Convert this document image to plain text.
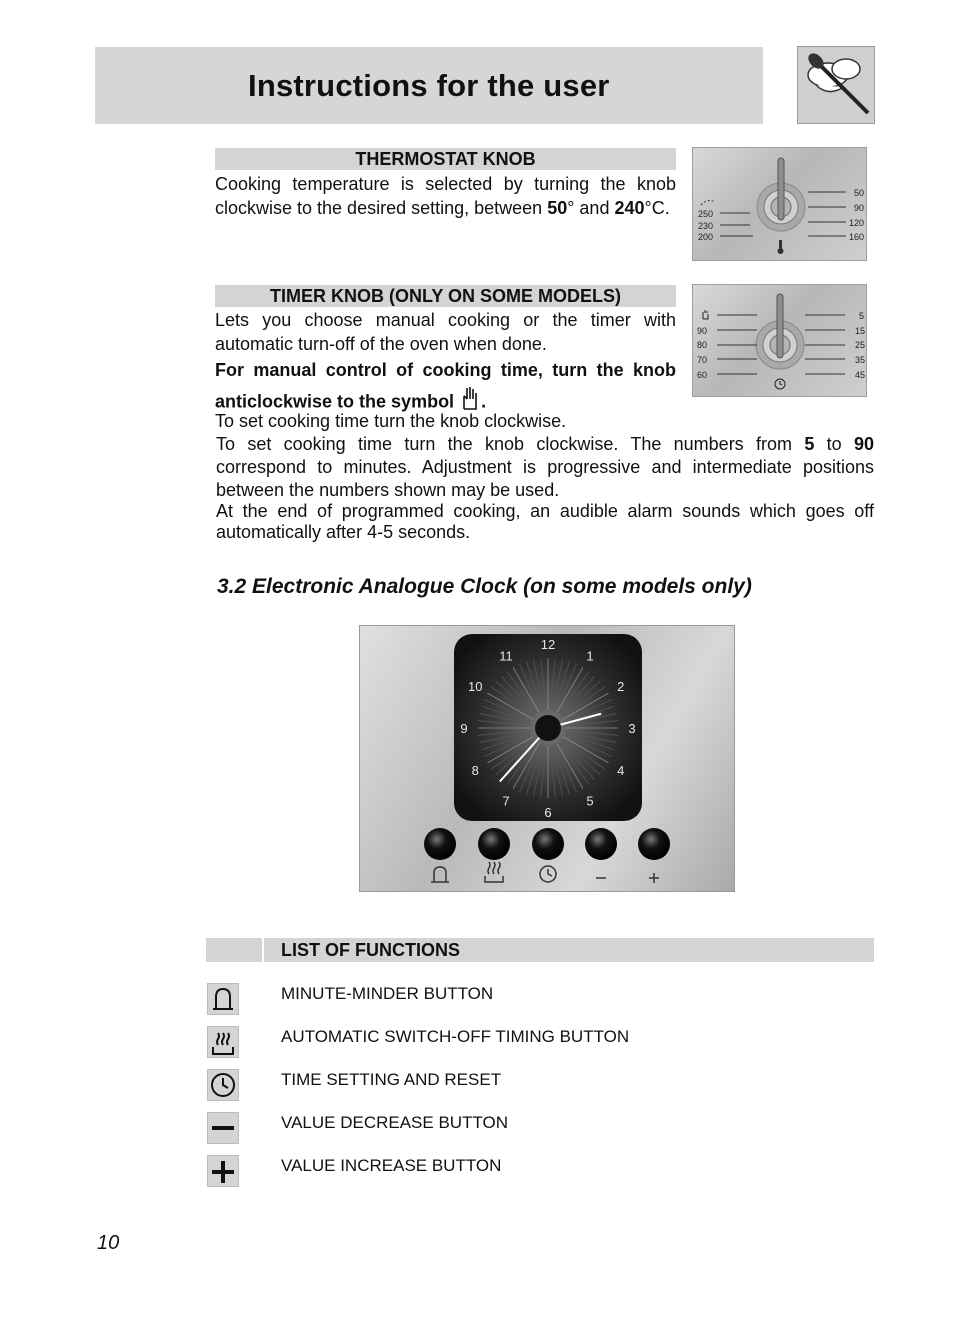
Instructions for the user
THERMOSTAT KNOB
Cooking temperature is selected by turning the knob clockwise to the desired setting, between 50° and 240°C.	250
230
200
50
90
120
160
TIMER KNOB (ONLY ON SOME MODELS)
Lets you choose manual cooking or the timer with automatic turn-off of the oven when done.
For manual control of cooking time, turn the knob anticlockwise to the symbol .
To set cooking time turn the knob clockwise.
90
80
70
60
5
15
25
35
45
To set cooking time turn the knob clockwise. The numbers from 5 to 90 correspond to minutes. Adjustment is progressive and intermediate positions between the numbers shown may be used.
At the end of programmed cooking, an audible alarm sounds which goes off automatically after 4-5 seconds.
3.2 Electronic Analogue Clock (on some models only)
12
1
2
3
4
5
6
7
8
9
10
11
LIST OF FUNCTIONS
MINUTE-MINDER BUTTON
AUTOMATIC SWITCH-OFF TIMING BUTTON
TIME SETTING AND RESET
VALUE DECREASE BUTTON
VALUE INCREASE BUTTON
10
